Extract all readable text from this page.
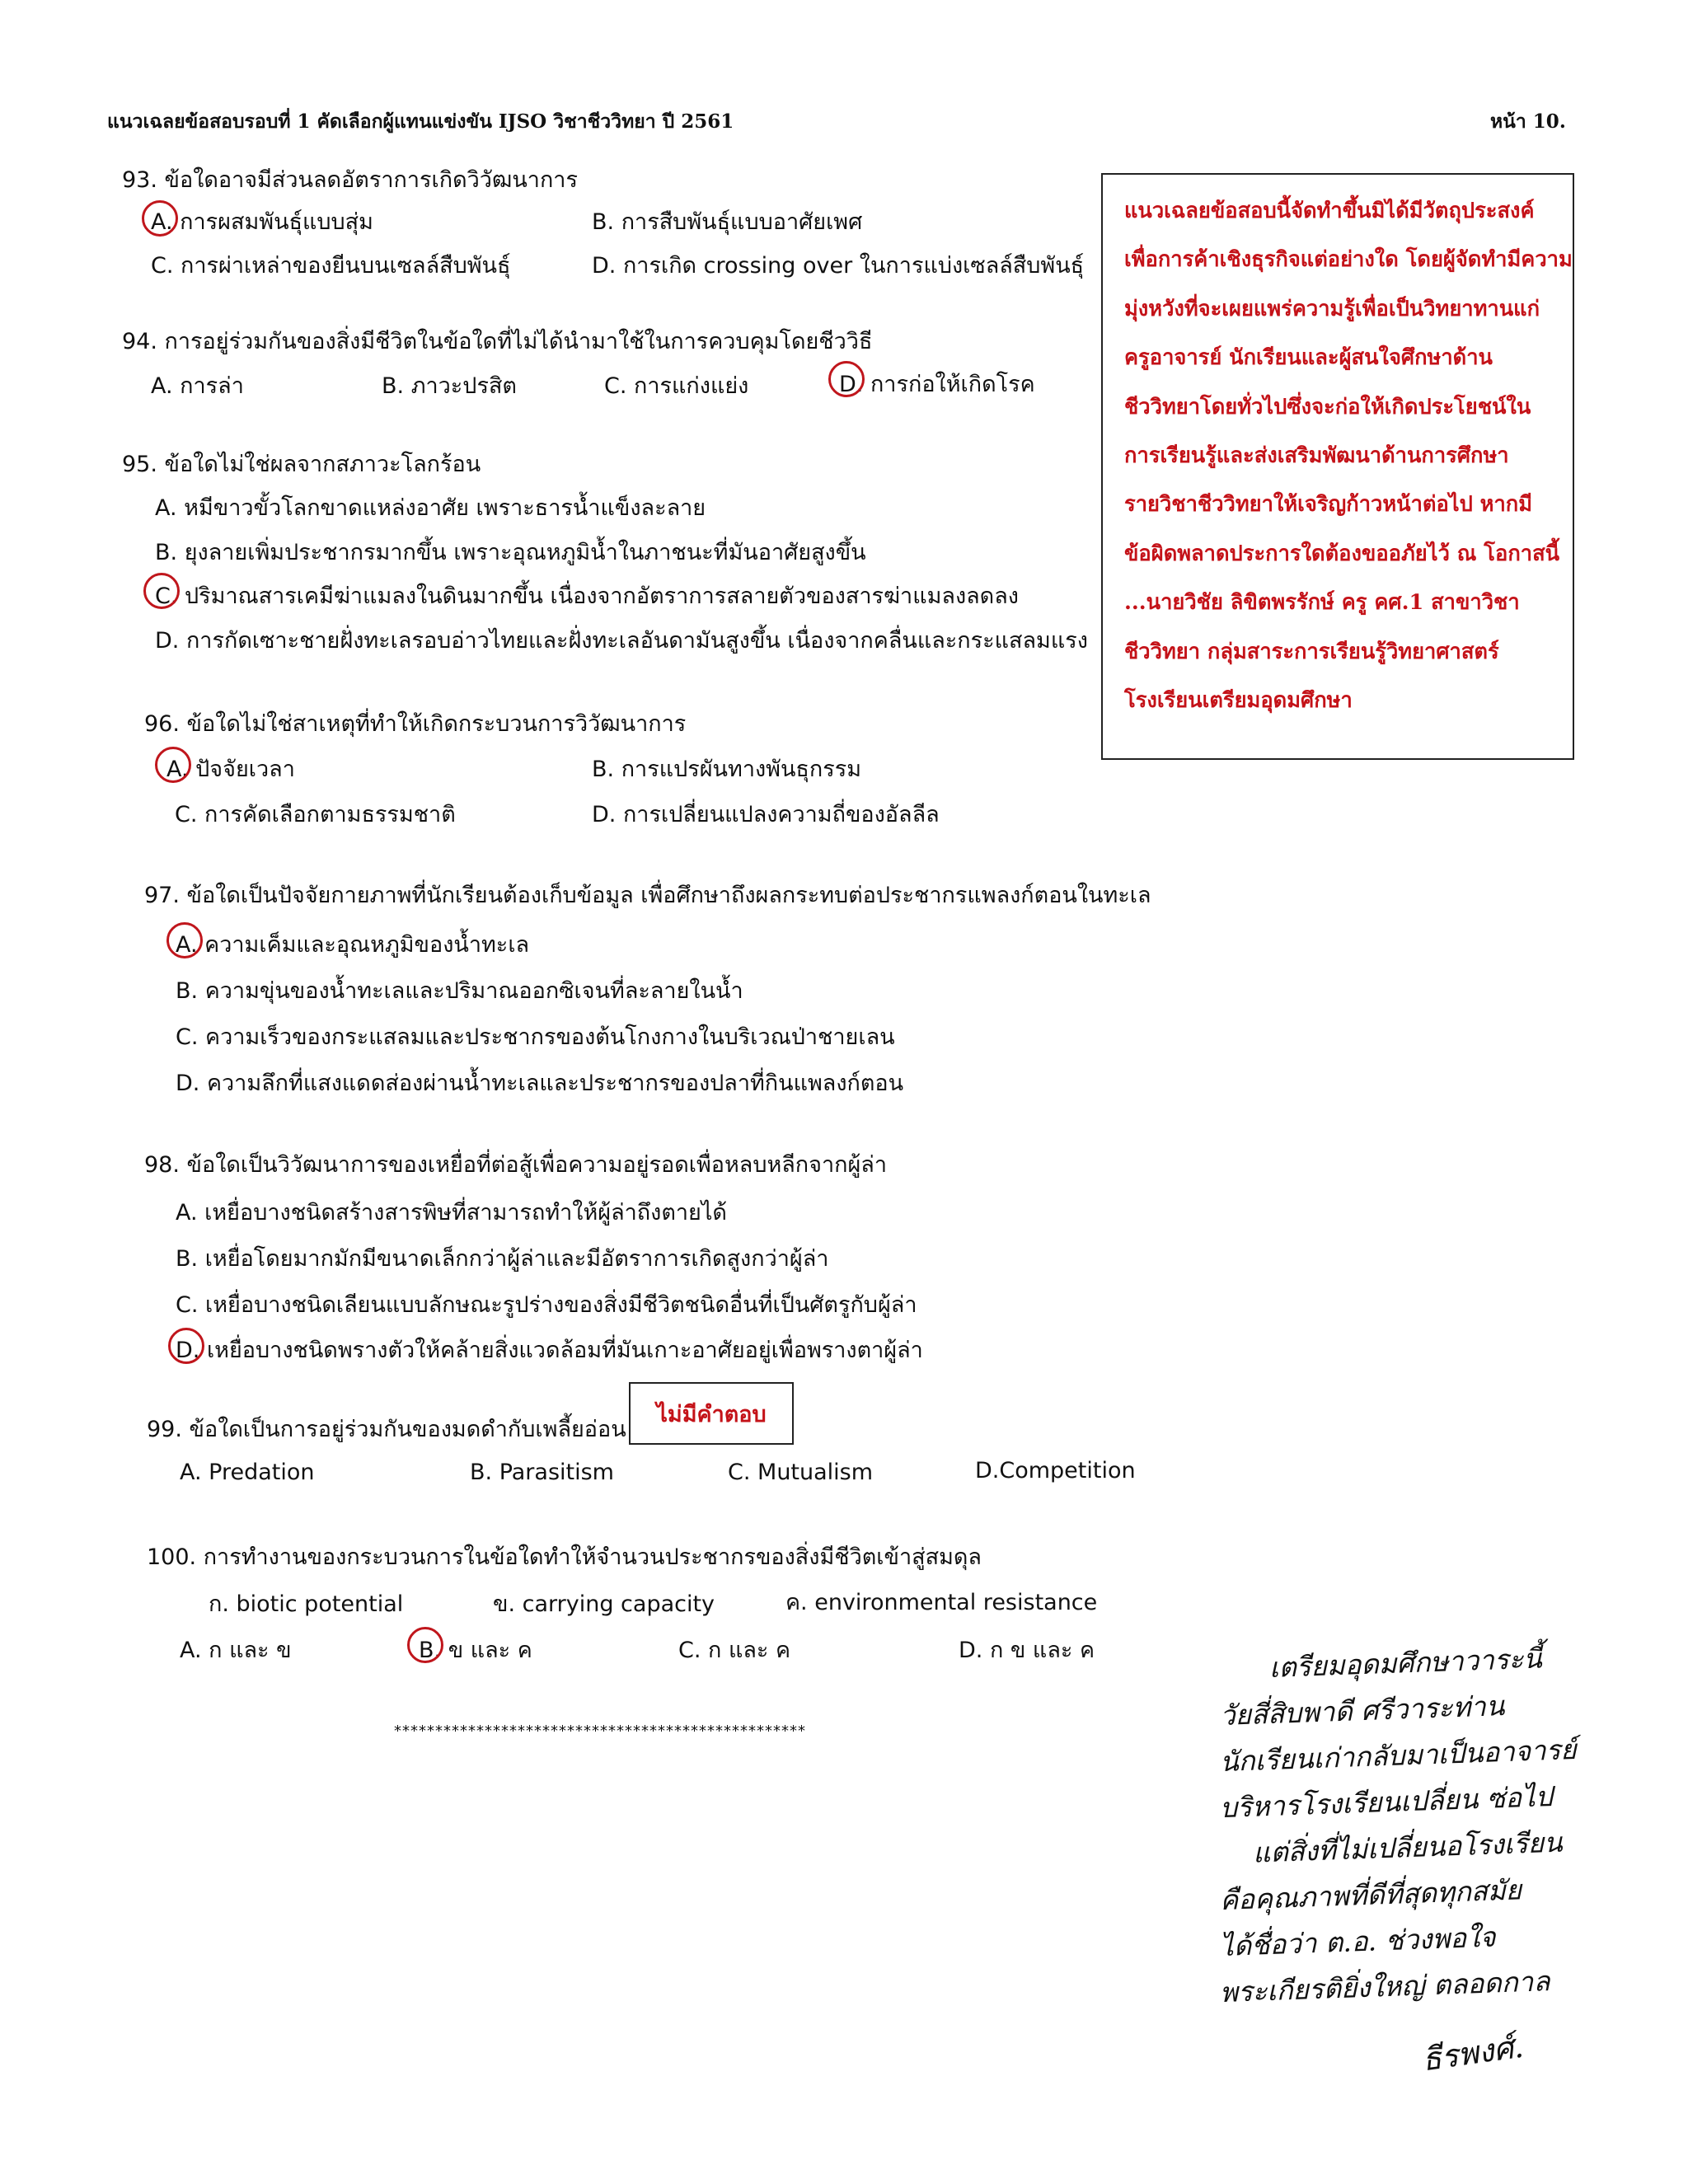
แนวเฉลยข้อสอบรอบที่ 1 คัดเลือกผู้แทนแข่งขัน IJSO วิชาชีววิทยา ปี 2561	หน้า 10.

แนวเฉลยข้อสอบนี้จัดทำขึ้นมิได้มีวัตถุประสงค์

เพื่อการค้าเชิงธุรกิจแต่อย่างใด โดยผู้จัดทำมีความ

มุ่งหวังที่จะเผยแพร่ความรู้เพื่อเป็นวิทยาทานแก่

ครูอาจารย์ นักเรียนและผู้สนใจศึกษาด้าน

ชีววิทยาโดยทั่วไปซึ่งจะก่อให้เกิดประโยชน์ใน

การเรียนรู้และส่งเสริมพัฒนาด้านการศึกษา

รายวิชาชีววิทยาให้เจริญก้าวหน้าต่อไป หากมี

ข้อผิดพลาดประการใดต้องขออภัยไว้ ณ โอกาสนี้

...นายวิชัย ลิขิตพรรักษ์ ครู คศ.1 สาขาวิชา

ชีววิทยา กลุ่มสาระการเรียนรู้วิทยาศาสตร์

โรงเรียนเตรียมอุดมศึกษา

93. ข้อใดอาจมีส่วนลดอัตราการเกิดวิวัฒนาการ
A. การผสมพันธุ์แบบสุ่ม	B. การสืบพันธุ์แบบอาศัยเพศ
C. การผ่าเหล่าของยีนบนเซลล์สืบพันธุ์	D. การเกิด crossing over ในการแบ่งเซลล์สืบพันธุ์
94. การอยู่ร่วมกันของสิ่งมีชีวิตในข้อใดที่ไม่ได้นำมาใช้ในการควบคุมโดยชีววิธี
A. การล่า	B. ภาวะปรสิต	C. การแก่งแย่ง	D. การก่อให้เกิดโรค
95. ข้อใดไม่ใช่ผลจากสภาวะโลกร้อน
A. หมีขาวขั้วโลกขาดแหล่งอาศัย เพราะธารน้ำแข็งละลาย
B. ยุงลายเพิ่มประชากรมากขึ้น เพราะอุณหภูมิน้ำในภาชนะที่มันอาศัยสูงขึ้น
C. ปริมาณสารเคมีฆ่าแมลงในดินมากขึ้น เนื่องจากอัตราการสลายตัวของสารฆ่าแมลงลดลง
D. การกัดเซาะชายฝั่งทะเลรอบอ่าวไทยและฝั่งทะเลอันดามันสูงขึ้น เนื่องจากคลื่นและกระแสลมแรง
96. ข้อใดไม่ใช่สาเหตุที่ทำให้เกิดกระบวนการวิวัฒนาการ
A. ปัจจัยเวลา	B. การแปรผันทางพันธุกรรม
C. การคัดเลือกตามธรรมชาติ	D. การเปลี่ยนแปลงความถี่ของอัลลีล
97. ข้อใดเป็นปัจจัยกายภาพที่นักเรียนต้องเก็บข้อมูล เพื่อศึกษาถึงผลกระทบต่อประชากรแพลงก์ตอนในทะเล
A. ความเค็มและอุณหภูมิของน้ำทะเล
B. ความขุ่นของน้ำทะเลและปริมาณออกซิเจนที่ละลายในน้ำ
C. ความเร็วของกระแสลมและประชากรของต้นโกงกางในบริเวณป่าชายเลน
D. ความลึกที่แสงแดดส่องผ่านน้ำทะเลและประชากรของปลาที่กินแพลงก์ตอน
98. ข้อใดเป็นวิวัฒนาการของเหยื่อที่ต่อสู้เพื่อความอยู่รอดเพื่อหลบหลีกจากผู้ล่า
A. เหยื่อบางชนิดสร้างสารพิษที่สามารถทำให้ผู้ล่าถึงตายได้
B. เหยื่อโดยมากมักมีขนาดเล็กกว่าผู้ล่าและมีอัตราการเกิดสูงกว่าผู้ล่า
C. เหยื่อบางชนิดเลียนแบบลักษณะรูปร่างของสิ่งมีชีวิตชนิดอื่นที่เป็นศัตรูกับผู้ล่า
D. เหยื่อบางชนิดพรางตัวให้คล้ายสิ่งแวดล้อมที่มันเกาะอาศัยอยู่เพื่อพรางตาผู้ล่า
99. ข้อใดเป็นการอยู่ร่วมกันของมดดำกับเพลี้ยอ่อน
ไม่มีคำตอบ
A. Predation	B. Parasitism	C. Mutualism	D.Competition
100. การทำงานของกระบวนการในข้อใดทำให้จำนวนประชากรของสิ่งมีชีวิตเข้าสู่สมดุล
ก. biotic potential	ข. carrying capacity	ค. environmental resistance
A. ก และ ข	B. ข และ ค	C. ก และ ค	D. ก ข และ ค
**************************************************
เตรียมอุดมศึกษาวาระนี้
วัยสี่สิบพาดี ศรีวาระท่าน
นักเรียนเก่ากลับมาเป็นอาจารย์
บริหารโรงเรียนเปลี่ยน ซ่อไป
แต่สิ่งที่ไม่เปลี่ยนอโรงเรียน
คือคุณภาพที่ดีที่สุดทุกสมัย
ได้ชื่อว่า ต.อ. ช่วงพอใจ
พระเกียรติยิ่งใหญ่ ตลอดกาล
ธีรพงศ์.
